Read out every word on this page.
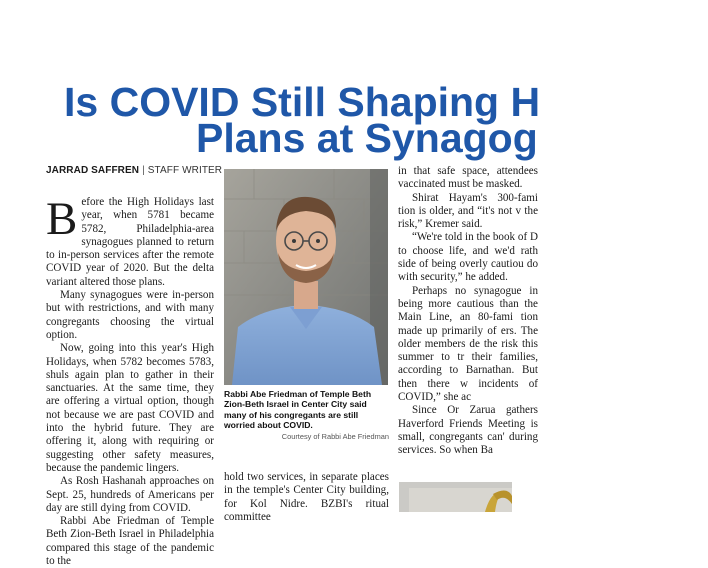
Is COVID Still Shaping H
Plans at Synagog
JARRAD SAFFREN | STAFF WRITER

Before the High Holidays last year, when 5781 became 5782, Philadelphia-area synagogues planned to return to in-person services after the remote COVID year of 2020. But the delta variant altered those plans.

Many synagogues were in-person but with restrictions, and with many congregants choosing the virtual option.

Now, going into this year's High Holidays, when 5782 becomes 5783, shuls again plan to gather in their sanctuaries. At the same time, they are offering a virtual option, though not because we are past COVID and into the hybrid future. They are offering it, along with requiring or suggesting other safety measures, because the pandemic lingers.

As Rosh Hashanah approaches on Sept. 25, hundreds of Americans per day are still dying from COVID.

Rabbi Abe Friedman of Temple Beth Zion-Beth Israel in Philadelphia compared this stage of the pandemic to the

Rabbi Abe Friedman of Temple Beth Zion-Beth Israel in Center City said many of his congregants are still worried about COVID.
Courtesy of Rabbi Abe Friedman

hold two services, in separate places in the temple's Center City building, for Kol Nidre. BZBI's ritual committee

in that safe space, attendees vaccinated must be masked.

Shirat Hayam's 300-fami tion is older, and “it's not v the risk,” Kremer said.

“We're told in the book of D to choose life, and we'd rath side of being overly cautiou do with security,” he added.

Perhaps no synagogue in being more cautious than the Main Line, an 80-fami tion made up primarily of ers. The older members de the risk this summer to tr their families, according to Barnathan. But then there w incidents of COVID,” she ac

Since Or Zarua gathers Haverford Friends Meeting is small, congregants can' during services. So when Ba
